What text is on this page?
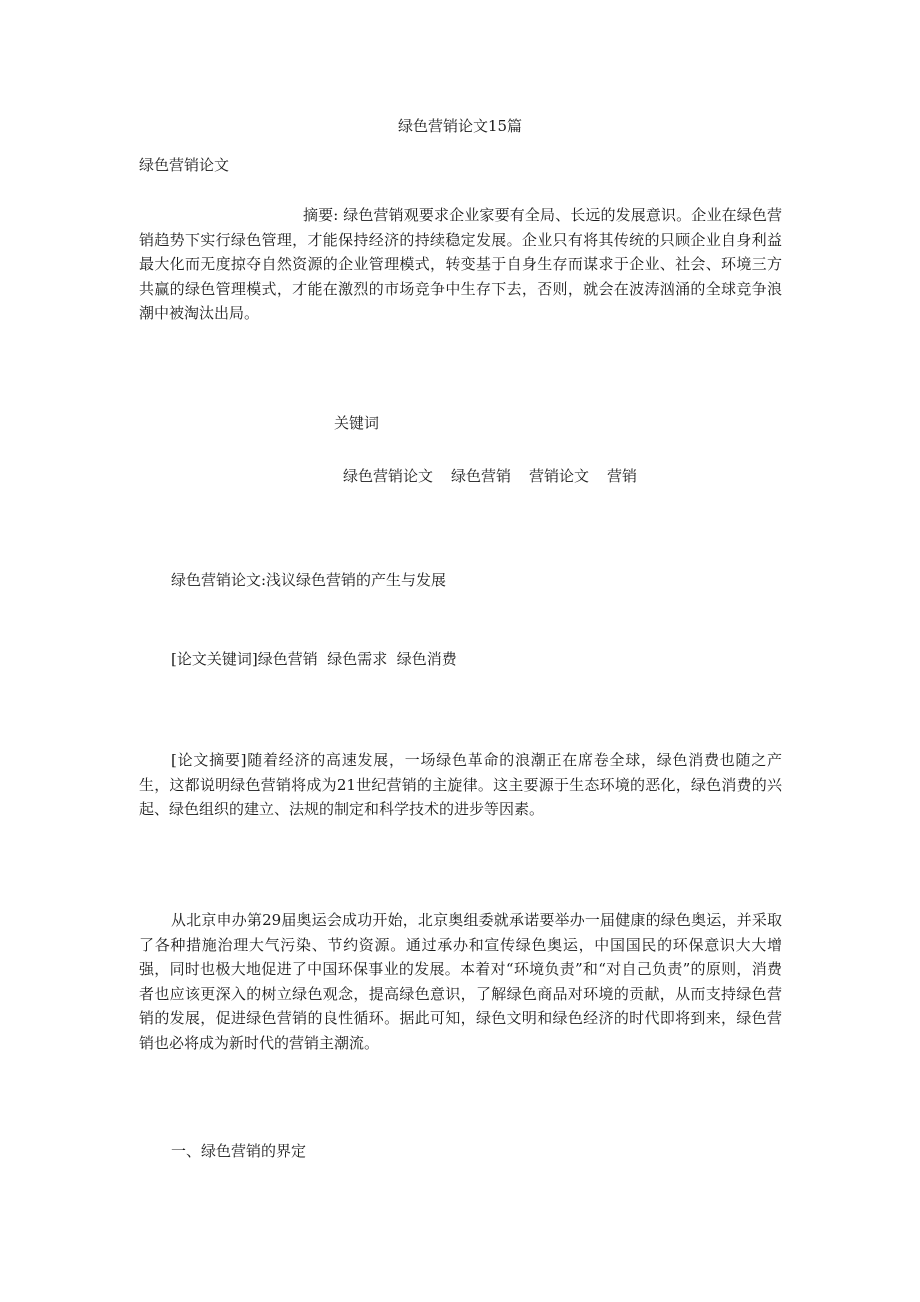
绿色营销论文15篇
绿色营销论文
摘要: 绿色营销观要求企业家要有全局、长远的发展意识。企业在绿色营销趋势下实行绿色管理，才能保持经济的持续稳定发展。企业只有将其传统的只顾企业自身利益最大化而无度掠夺自然资源的企业管理模式，转变基于自身生存而谋求于企业、社会、环境三方共赢的绿色管理模式，才能在激烈的市场竞争中生存下去，否则，就会在波涛汹涌的全球竞争浪潮中被淘汰出局。
关键词
绿色营销论文 绿色营销 营销论文 营销
绿色营销论文:浅议绿色营销的产生与发展
[论文关键词]绿色营销  绿色需求  绿色消费
[论文摘要]随着经济的高速发展，一场绿色革命的浪潮正在席卷全球，绿色消费也随之产生，这都说明绿色营销将成为21世纪营销的主旋律。这主要源于生态环境的恶化，绿色消费的兴起、绿色组织的建立、法规的制定和科学技术的进步等因素。
从北京申办第29届奥运会成功开始，北京奥组委就承诺要举办一届健康的绿色奥运，并采取了各种措施治理大气污染、节约资源。通过承办和宣传绿色奥运，中国国民的环保意识大大增强，同时也极大地促进了中国环保事业的发展。本着对“环境负责”和“对自己负责”的原则，消费者也应该更深入的树立绿色观念，提高绿色意识，了解绿色商品对环境的贡献，从而支持绿色营销的发展，促进绿色营销的良性循环。据此可知，绿色文明和绿色经济的时代即将到来，绿色营销也必将成为新时代的营销主潮流。
一、绿色营销的界定
